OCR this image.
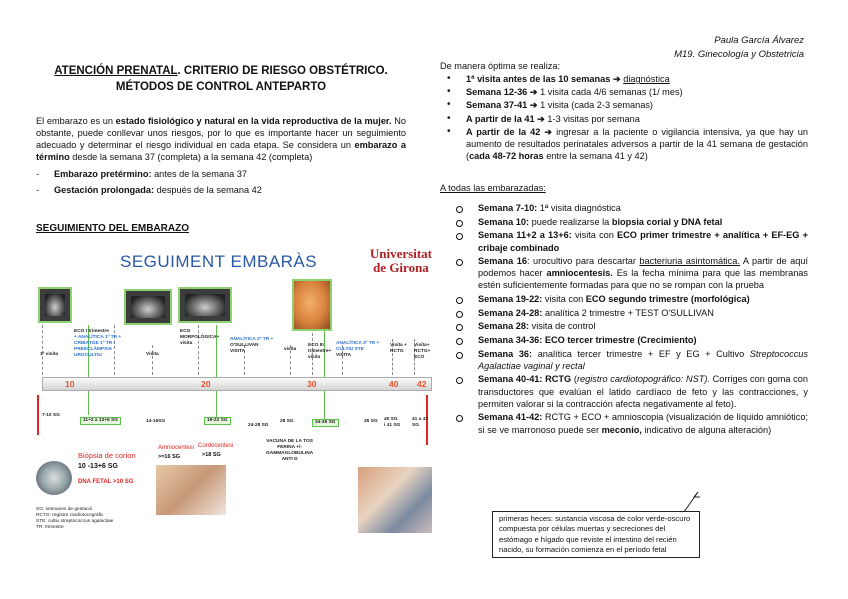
Paula García Álvarez
M19. Ginecología y Obstetricia
ATENCIÓN PRENATAL. CRITERIO DE RIESGO OBSTÉTRICO.
MÉTODOS DE CONTROL ANTEPARTO

El embarazo es un estado fisiológico y natural en la vida reproductiva de la mujer. No obstante, puede conllevar unos riesgos, por lo que es importante hacer un seguimiento adecuado y determinar el riesgo individual en cada etapa. Se considera un embarazo a término desde la semana 37 (completa) a la semana 42 (completa)

- Embarazo pretérmino: antes de la semana 37
- Gestación prolongada: después de la semana 42
SEGUIMIENTO DEL EMBARAZO
SEGUIMENT EMBARÀS	Universitat
de Girona
1ª visita
ECO I trimestre
+ ANALÍTICA 1º TR +
CRIBATGE 1º TR I
PREECLÀMPSIA
UROCULTIU	Visita
ECO
MORFOLÒGICA+
visita
ANALÍTICA 2º TR +
O'SULLIVAN
VISITA	visita
ECO III
trimestre+
visita
ANALÍTICA 3º TR +
CULTIU STE
VISITA
Visita +
RCTG
Visita+
RCTG+
ECO
10	20	30	40 42
7-10 SG
11+2 a 13+6 SG	14-16SG	19-22 SG
24-28 SG
28 SG	34-36 SG	36 SG 40 SG
i 41 SG
41 a 42
SG
Biòpsia de corion
10 -13+6 SG
DNA FETAL >10 SG
Amniocentesi
>=16 SG
Cordocentesi
>18 SG
VACUNA DE LA TOS
FERINA +/-
GAMMAGLOBULINA
ANTI D
SG: setmanes de gestació
RCTG: registre cardiotocogràfic
STE: cultiu streptococcus agalactiae
TR: trimestre
De manera óptima se realiza:
• 1ª visita antes de las 10 semanas ➔ diagnóstica
• Semana 12-36 ➔ 1 visita cada 4/6 semanas (1/ mes)
• Semana 37-41 ➔ 1 visita (cada 2-3 semanas)
• A partir de la 41 ➔ 1-3 visitas por semana
• A partir de la 42 ➔ ingresar a la paciente o vigilancia intensiva, ya que hay un aumento de resultados perinatales adversos a partir de la 41 semana de gestación (cada 48-72 horas entre la semana 41 y 42)
A todas las embarazadas:
Semana 7-10: 1ª visita diagnóstica
Semana 10: puede realizarse la biopsia corial y DNA fetal
Semana 11+2 a 13+6: visita con ECO primer trimestre + analítica + EF-EG + cribaje combinado
Semana 16: urocultivo para descartar bacteriuria asintomática. A partir de aquí podemos hacer amniocentesis. Es la fecha mínima para que las membranas estén suficientemente formadas para que no se rompan con la prueba
Semana 19-22: visita con ECO segundo trimestre (morfológica)
Semana 24-28: analítica 2 trimestre + TEST O'SULLIVAN
Semana 28: visita de control
Semana 34-36: ECO tercer trimestre (Crecimiento)
Semana 36: analítica tercer trimestre + EF y EG + Cultivo Streptococcus Agalactiae vaginal y rectal
Semana 40-41: RCTG (registro cardiotopográfico: NST). Corriges con goma con transductores que evalúan el latido cardíaco de feto y las contracciones, y permiten valorar si la contracción afecta negativamente al feto).
Semana 41-42: RCTG + ECO + amnioscopia (visualización de líquido amniótico; si se ve marronoso puede ser meconio, indicativo de alguna alteración)
primeras heces: sustancia viscosa de color verde-oscuro compuesta por células muertas y secreciones del estómago e hígado que reviste el intestino del recién nacido, su formación comienza en el período fetal
